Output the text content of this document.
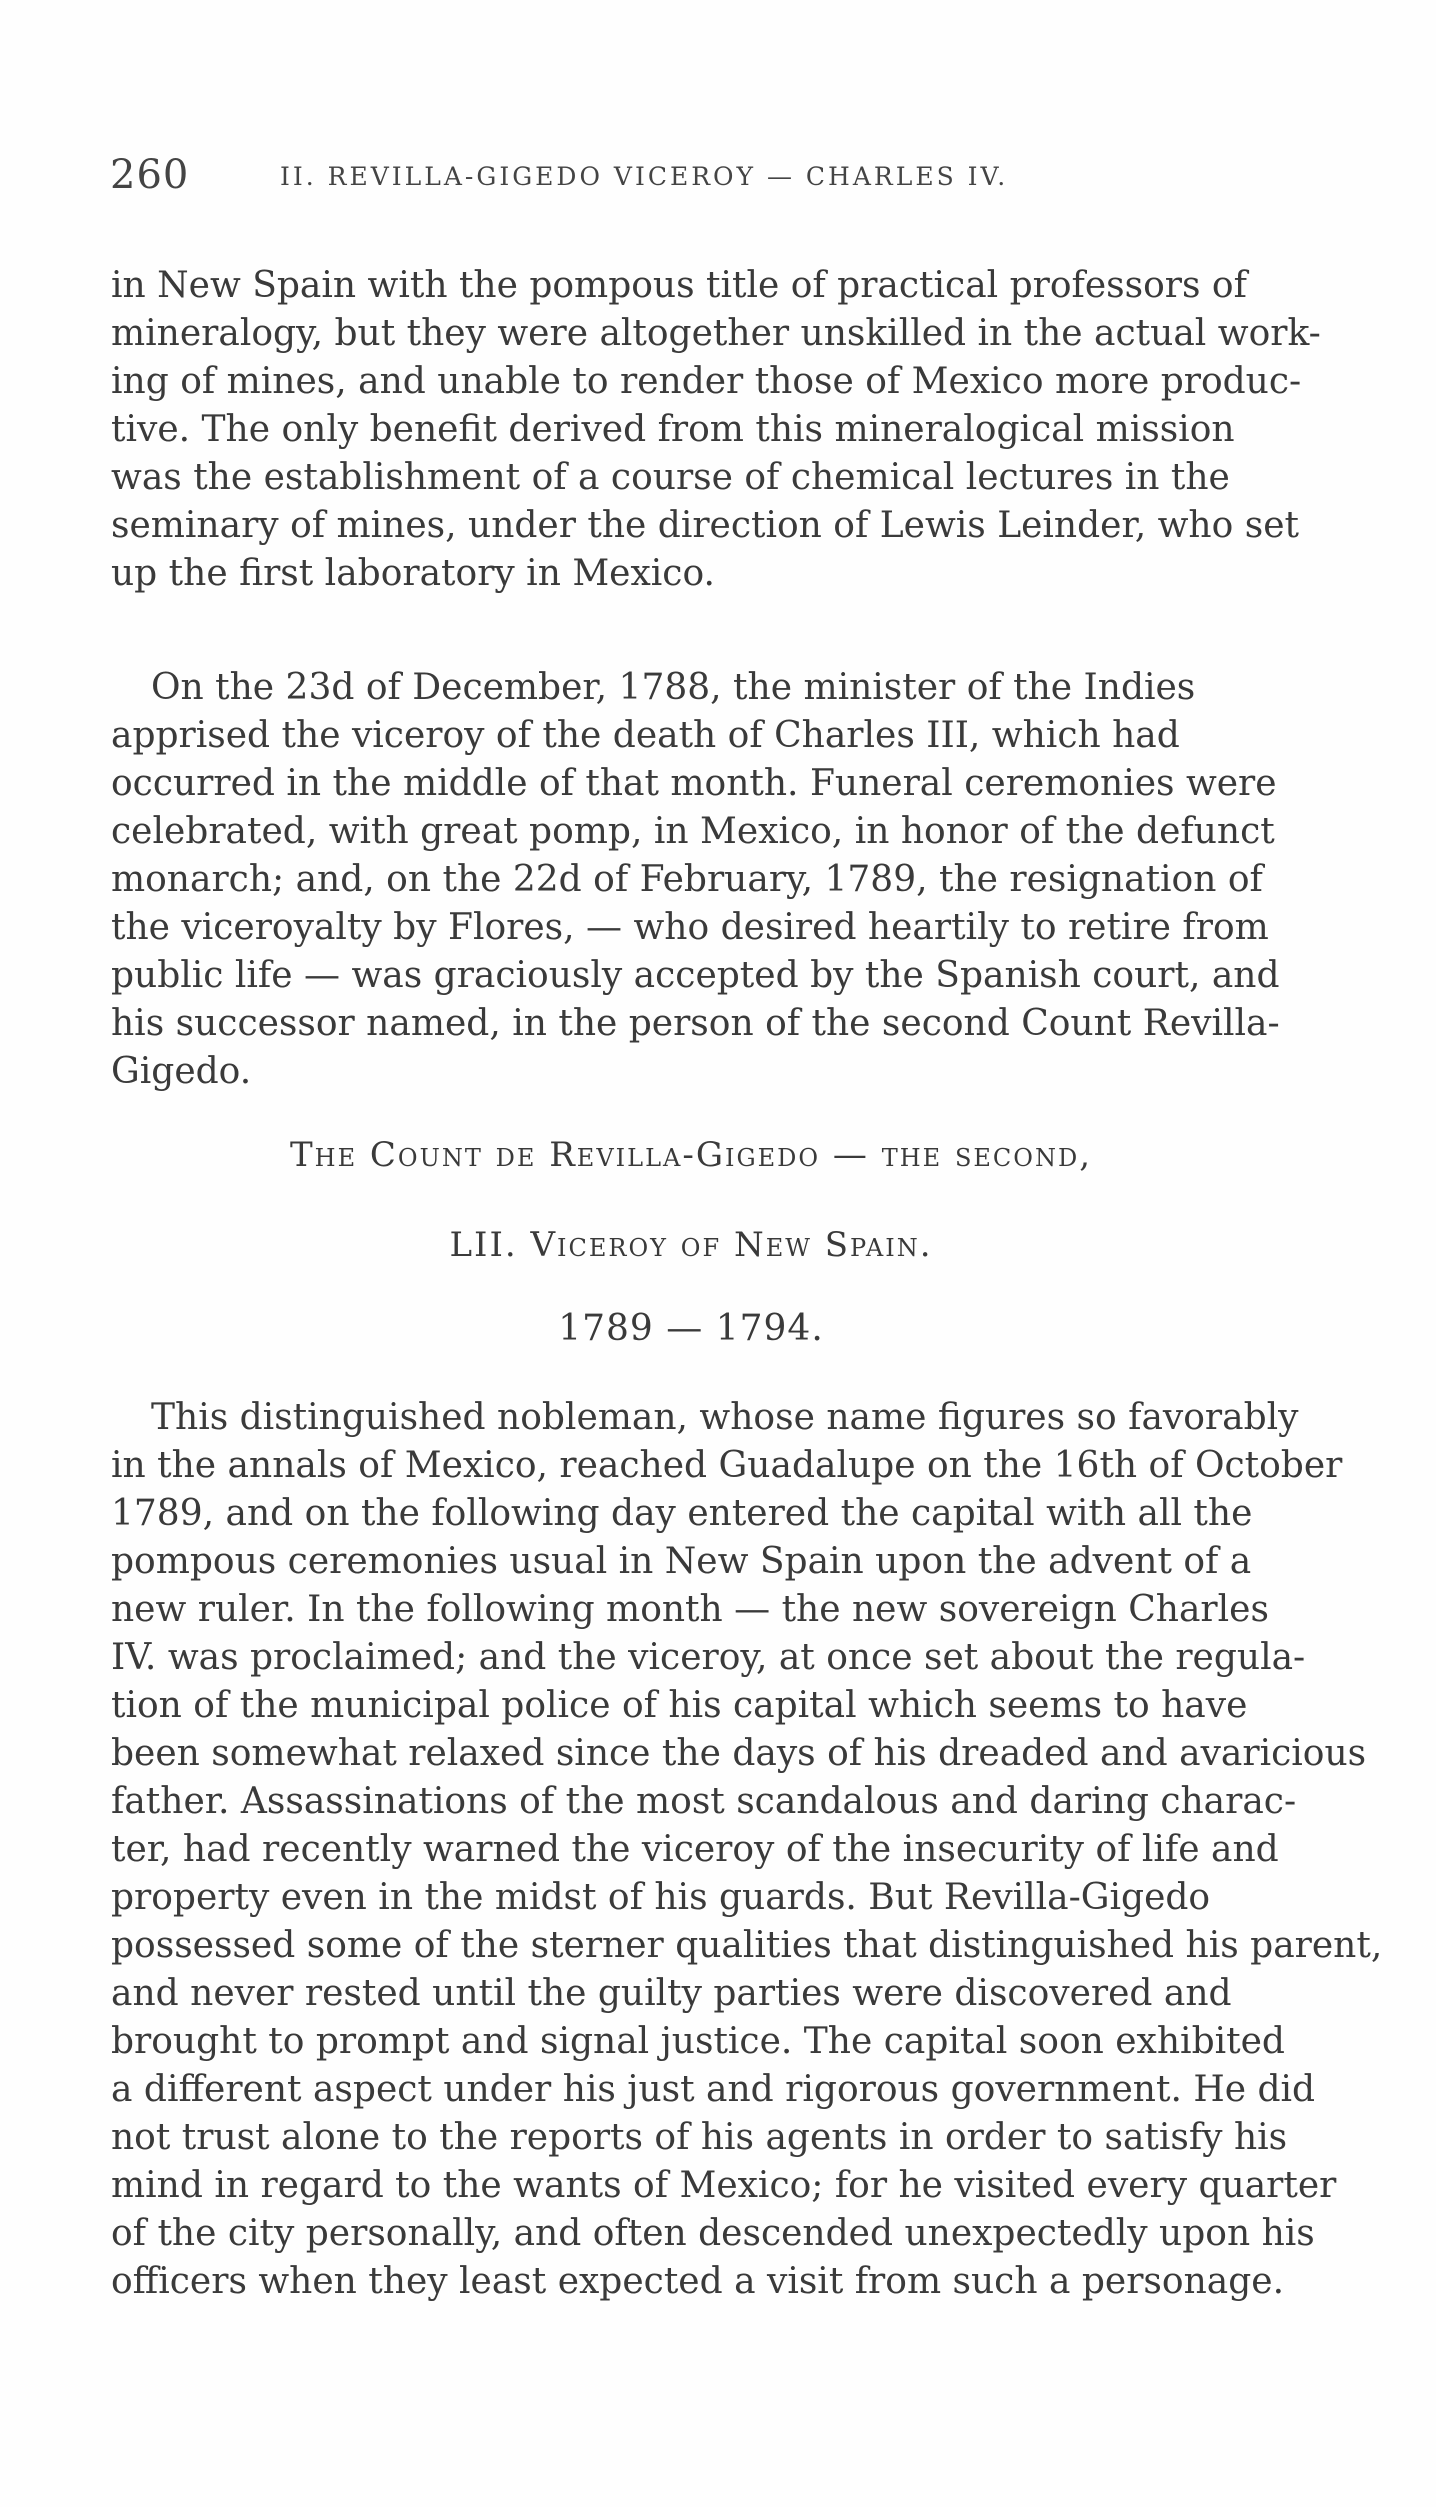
260	II. REVILLA-GIGEDO VICEROY — CHARLES IV.
in New Spain with the pompous title of practical professors of
mineralogy, but they were altogether unskilled in the actual work-
ing of mines, and unable to render those of Mexico more produc-
tive. The only benefit derived from this mineralogical mission
was the establishment of a course of chemical lectures in the
seminary of mines, under the direction of Lewis Leinder, who set
up the first laboratory in Mexico.
On the 23d of December, 1788, the minister of the Indies
apprised the viceroy of the death of Charles III, which had
occurred in the middle of that month. Funeral ceremonies were
celebrated, with great pomp, in Mexico, in honor of the defunct
monarch; and, on the 22d of February, 1789, the resignation of
the viceroyalty by Flores, — who desired heartily to retire from
public life — was graciously accepted by the Spanish court, and
his successor named, in the person of the second Count Revilla-
Gigedo.
The Count de Revilla-Gigedo — the second,
LII. Viceroy of New Spain.
1789 — 1794.
This distinguished nobleman, whose name figures so favorably
in the annals of Mexico, reached Guadalupe on the 16th of October
1789, and on the following day entered the capital with all the
pompous ceremonies usual in New Spain upon the advent of a
new ruler. In the following month — the new sovereign Charles
IV. was proclaimed; and the viceroy, at once set about the regula-
tion of the municipal police of his capital which seems to have
been somewhat relaxed since the days of his dreaded and avaricious
father. Assassinations of the most scandalous and daring charac-
ter, had recently warned the viceroy of the insecurity of life and
property even in the midst of his guards. But Revilla-Gigedo
possessed some of the sterner qualities that distinguished his parent,
and never rested until the guilty parties were discovered and
brought to prompt and signal justice. The capital soon exhibited
a different aspect under his just and rigorous government. He did
not trust alone to the reports of his agents in order to satisfy his
mind in regard to the wants of Mexico; for he visited every quarter
of the city personally, and often descended unexpectedly upon his
officers when they least expected a visit from such a personage.
